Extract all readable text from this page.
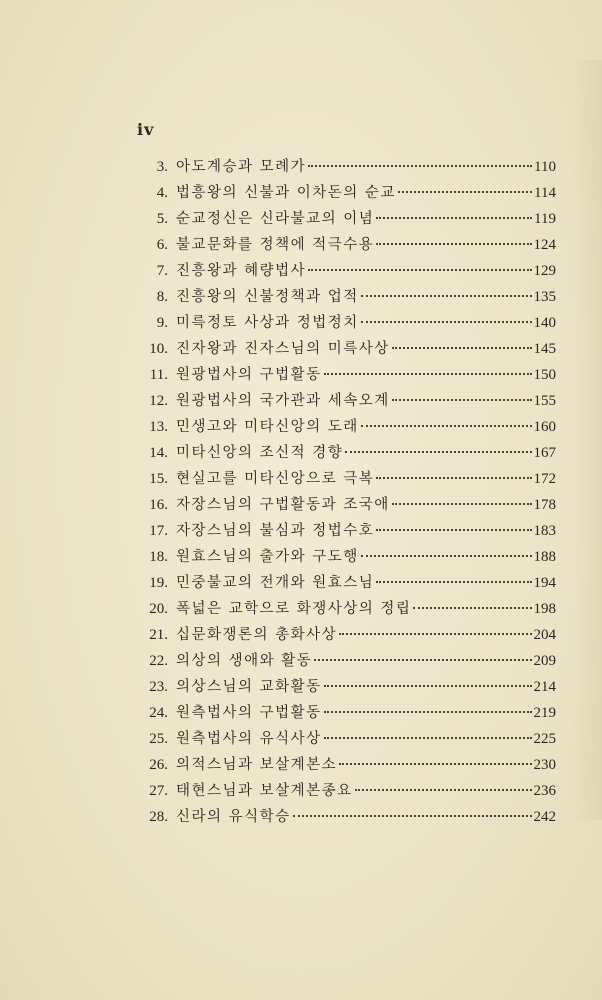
iv
3. 아도계승과 모례가	110
4. 법흥왕의 신불과 이차돈의 순교	114
5. 순교정신은 신라불교의 이념	119
6. 불교문화를 정책에 적극수용	124
7. 진흥왕과 혜량법사	129
8. 진흥왕의 신불정책과 업적	135
9. 미륵정토 사상과 정법정치	140
10. 진자왕과 진자스님의 미륵사상	145
11. 원광법사의 구법활동	150
12. 원광법사의 국가관과 세속오계	155
13. 민생고와 미타신앙의 도래	160
14. 미타신앙의 조신적 경향	167
15. 현실고를 미타신앙으로 극복	172
16. 자장스님의 구법활동과 조국애	178
17. 자장스님의 불심과 정법수호	183
18. 원효스님의 출가와 구도행	188
19. 민중불교의 전개와 원효스님	194
20. 폭넓은 교학으로 화쟁사상의 정립	198
21. 십문화쟁론의 총화사상	204
22. 의상의 생애와 활동	209
23. 의상스님의 교화활동	214
24. 원측법사의 구법활동	219
25. 원측법사의 유식사상	225
26. 의적스님과 보살계본소	230
27. 태현스님과 보살계본종요	236
28. 신라의 유식학승	242
